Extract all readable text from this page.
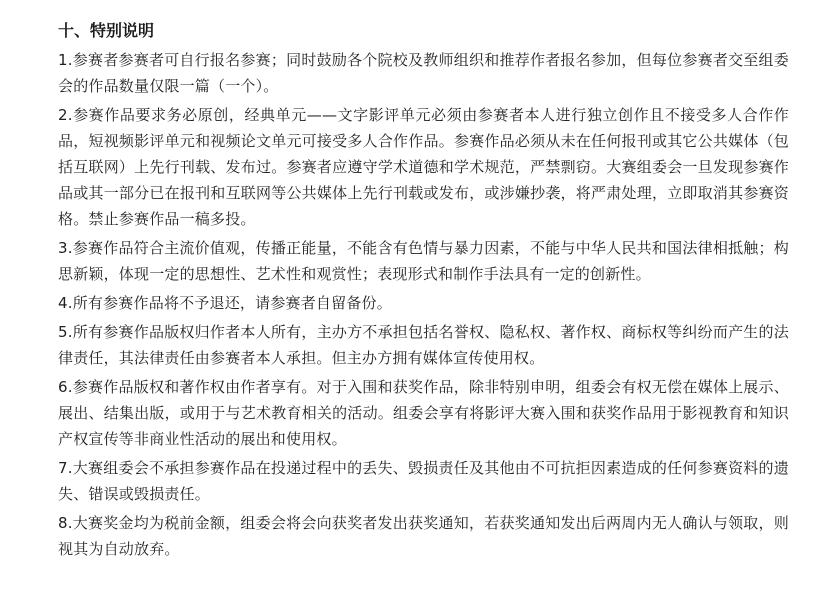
十、特别说明

1.参赛者参赛者可自行报名参赛；同时鼓励各个院校及教师组织和推荐作者报名参加，但每位参赛者交至组委会的作品数量仅限一篇（一个）。

2.参赛作品要求务必原创，经典单元——文字影评单元必须由参赛者本人进行独立创作且不接受多人合作作品，短视频影评单元和视频论文单元可接受多人合作作品。参赛作品必须从未在任何报刊或其它公共媒体（包括互联网）上先行刊载、发布过。参赛者应遵守学术道德和学术规范，严禁剽窃。大赛组委会一旦发现参赛作品或其一部分已在报刊和互联网等公共媒体上先行刊载或发布，或涉嫌抄袭，将严肃处理，立即取消其参赛资格。禁止参赛作品一稿多投。

3.参赛作品符合主流价值观，传播正能量，不能含有色情与暴力因素，不能与中华人民共和国法律相抵触；构思新颖，体现一定的思想性、艺术性和观赏性；表现形式和制作手法具有一定的创新性。

4.所有参赛作品将不予退还，请参赛者自留备份。

5.所有参赛作品版权归作者本人所有，主办方不承担包括名誉权、隐私权、著作权、商标权等纠纷而产生的法律责任，其法律责任由参赛者本人承担。但主办方拥有媒体宣传使用权。

6.参赛作品版权和著作权由作者享有。对于入围和获奖作品，除非特别申明，组委会有权无偿在媒体上展示、展出、结集出版，或用于与艺术教育相关的活动。组委会享有将影评大赛入围和获奖作品用于影视教育和知识产权宣传等非商业性活动的展出和使用权。

7.大赛组委会不承担参赛作品在投递过程中的丢失、毁损责任及其他由不可抗拒因素造成的任何参赛资料的遗失、错误或毁损责任。

8.大赛奖金均为税前金额，组委会将会向获奖者发出获奖通知，若获奖通知发出后两周内无人确认与领取，则视其为自动放弃。
